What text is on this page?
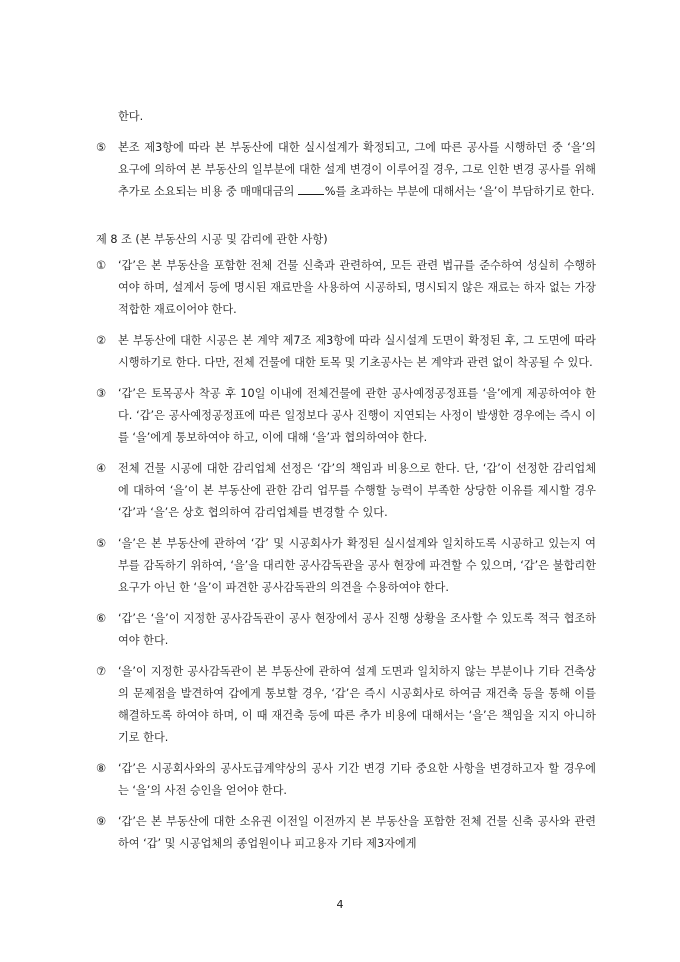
한다.

⑤ 본조 제3항에 따라 본 부동산에 대한 실시설계가 확정되고, 그에 따른 공사를 시행하던 중 ‘을’의 요구에 의하여 본 부동산의 일부분에 대한 설계 변경이 이루어질 경우, 그로 인한 변경 공사를 위해 추가로 소요되는 비용 중 매매대금의 %를 초과하는 부분에 대해서는 ‘을’이 부담하기로 한다.

제 8 조 (본 부동산의 시공 및 감리에 관한 사항)

① ‘갑’은 본 부동산을 포함한 전체 건물 신축과 관련하여, 모든 관련 법규를 준수하여 성실히 수행하여야 하며, 설계서 등에 명시된 재료만을 사용하여 시공하되, 명시되지 않은 재료는 하자 없는 가장 적합한 재료이어야 한다.

② 본 부동산에 대한 시공은 본 계약 제7조 제3항에 따라 실시설계 도면이 확정된 후, 그 도면에 따라 시행하기로 한다. 다만, 전체 건물에 대한 토목 및 기초공사는 본 계약과 관련 없이 착공될 수 있다.

③ ‘갑’은 토목공사 착공 후 10일 이내에 전체건물에 관한 공사예정공정표를 ‘을’에게 제공하여야 한다. ‘갑’은 공사예정공정표에 따른 일정보다 공사 진행이 지연되는 사정이 발생한 경우에는 즉시 이를 ‘을’에게 통보하여야 하고, 이에 대해 ‘을’과 협의하여야 한다.

④ 전체 건물 시공에 대한 감리업체 선정은 ‘갑’의 책임과 비용으로 한다. 단, ‘갑’이 선정한 감리업체에 대하여 ‘을’이 본 부동산에 관한 감리 업무를 수행할 능력이 부족한 상당한 이유를 제시할 경우 ‘갑’과 ‘을’은 상호 협의하여 감리업체를 변경할 수 있다.

⑤ ‘을’은 본 부동산에 관하여 ‘갑’ 및 시공회사가 확정된 실시설계와 일치하도록 시공하고 있는지 여부를 감독하기 위하여, ‘을’을 대리한 공사감독관을 공사 현장에 파견할 수 있으며, ‘갑’은 불합리한 요구가 아닌 한 ‘을’이 파견한 공사감독관의 의견을 수용하여야 한다.

⑥ ‘갑’은 ‘을’이 지정한 공사감독관이 공사 현장에서 공사 진행 상황을 조사할 수 있도록 적극 협조하여야 한다.

⑦ ‘을’이 지정한 공사감독관이 본 부동산에 관하여 설계 도면과 일치하지 않는 부분이나 기타 건축상의 문제점을 발견하여 갑에게 통보할 경우, ‘갑’은 즉시 시공회사로 하여금 재건축 등을 통해 이를 해결하도록 하여야 하며, 이 때 재건축 등에 따른 추가 비용에 대해서는 ‘을’은 책임을 지지 아니하기로 한다.

⑧ ‘갑’은 시공회사와의 공사도급계약상의 공사 기간 변경 기타 중요한 사항을 변경하고자 할 경우에는 ‘을’의 사전 승인을 얻어야 한다.

⑨ ‘갑’은 본 부동산에 대한 소유권 이전일 이전까지 본 부동산을 포함한 전체 건물 신축 공사와 관련하여 ‘갑’ 및 시공업체의 종업원이나 피고용자 기타 제3자에게

4
